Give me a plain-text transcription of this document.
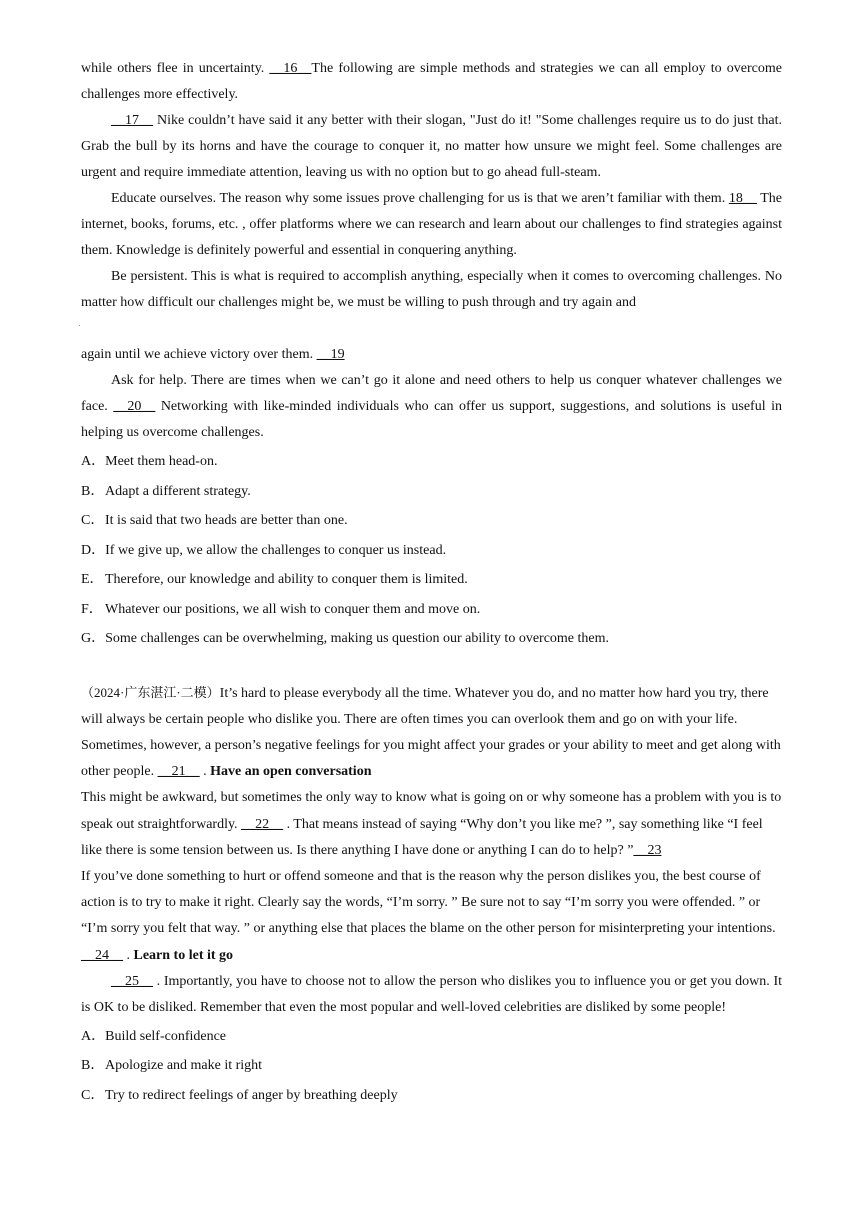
while others flee in uncertainty. __16__The following are simple methods and strategies we can all employ to overcome challenges more effectively.

__17__ Nike couldn’t have said it any better with their slogan, "Just do it! "Some challenges require us to do just that. Grab the bull by its horns and have the courage to conquer it, no matter how unsure we might feel. Some challenges are urgent and require immediate attention, leaving us with no option but to go ahead full-steam.

Educate ourselves. The reason why some issues prove challenging for us is that we aren’t familiar with them. 18__ The internet, books, forums, etc. , offer platforms where we can research and learn about our challenges to find strategies against them. Knowledge is definitely powerful and essential in conquering anything.

Be persistent. This is what is required to accomplish anything, especially when it comes to overcoming challenges. No matter how difficult our challenges might be, we must be willing to push through and try again and

again until we achieve victory over them. __19

Ask for help. There are times when we can’t go it alone and need others to help us conquer whatever challenges we face. __20__ Networking with like-minded individuals who can offer us support, suggestions, and solutions is useful in helping us overcome challenges.

A．Meet them head-on.

B．Adapt a different strategy.

C．It is said that two heads are better than one.

D．If we give up, we allow the challenges to conquer us instead.

E．Therefore, our knowledge and ability to conquer them is limited.

F． Whatever our positions, we all wish to conquer them and move on.

G．Some challenges can be overwhelming, making us question our ability to overcome them.

（2024·广东湛江·二模）It’s hard to please everybody all the time. Whatever you do, and no matter how hard you try, there will always be certain people who dislike you. There are often times you can overlook them and go on with your life. Sometimes, however, a person’s negative feelings for you might affect your grades or your ability to meet and get along with other people. __21__ . Have an open conversation

This might be awkward, but sometimes the only way to know what is going on or why someone has a problem with you is to speak out straightforwardly. __22__ . That means instead of saying “Why don’t you like me? ”, say something like “I feel like there is some tension between us. Is there anything I have done or anything I can do to help? ”__23

If you’ve done something to hurt or offend someone and that is the reason why the person dislikes you, the best course of action is to try to make it right. Clearly say the words, “I’m sorry. ” Be sure not to say “I’m sorry you were offended. ” or “I’m sorry you felt that way. ” or anything else that places the blame on the other person for misinterpreting your intentions. __24__ . Learn to let it go

__25__ . Importantly, you have to choose not to allow the person who dislikes you to influence you or get you down. It is OK to be disliked. Remember that even the most popular and well-loved celebrities are disliked by some people!

A．Build self-confidence

B．Apologize and make it right

C．Try to redirect feelings of anger by breathing deeply
